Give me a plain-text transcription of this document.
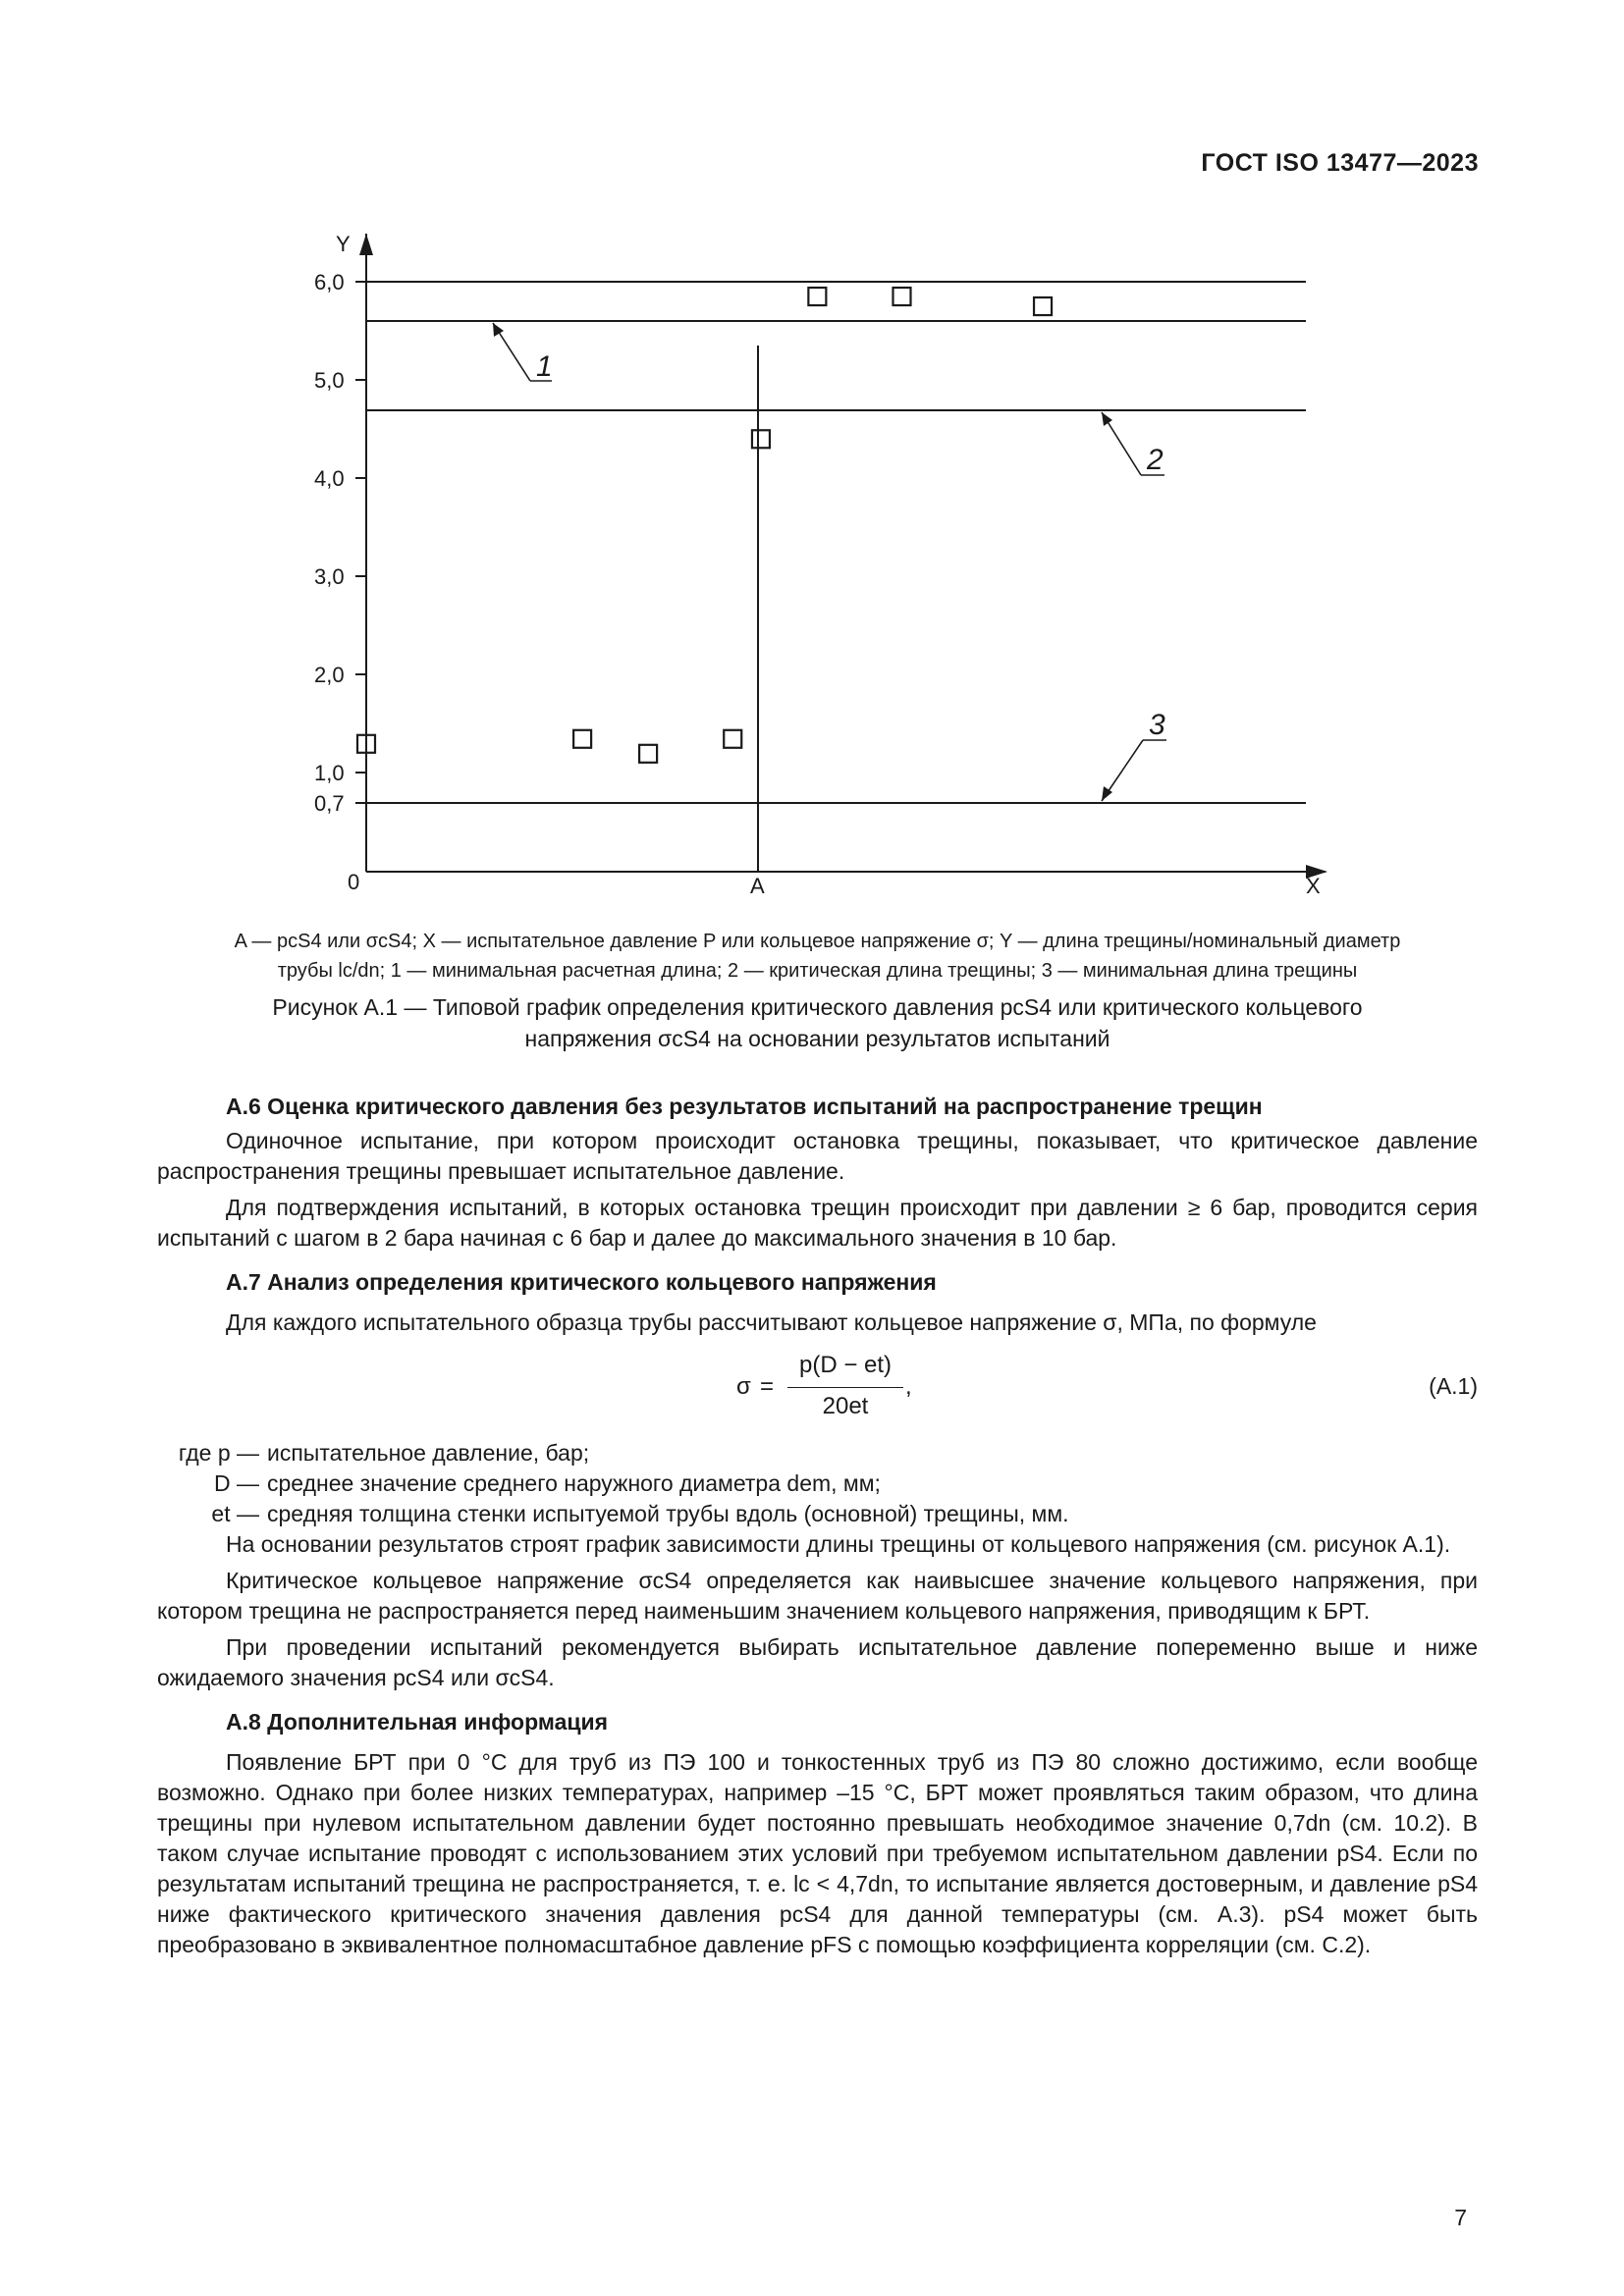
ГОСТ ISO 13477—2023
Y
X
0	A
6,0
5,0
4,0
3,0
2,0
1,0
0,7
1
2
3

A — pcS4 или σcS4; X — испытательное давление P или кольцевое напряжение σ; Y — длина трещины/номинальный диаметр

трубы lc/dn; 1 — минимальная расчетная длина; 2 — критическая длина трещины; 3 — минимальная длина трещины

Рисунок А.1 — Типовой график определения критического давления pcS4 или критического кольцевого

напряжения σcS4 на основании результатов испытаний

А.6 Оценка критического давления без результатов испытаний на распространение трещин

Одиночное испытание, при котором происходит остановка трещины, показывает, что критическое давление распространения трещины превышает испытательное давление.

Для подтверждения испытаний, в которых остановка трещин происходит при давлении ≥ 6 бар, проводится серия испытаний с шагом в 2 бара начиная с 6 бар и далее до максимального значения в 10 бар.

А.7 Анализ определения критического кольцевого напряжения

Для каждого испытательного образца трубы рассчитывают кольцевое напряжение σ, МПа, по формуле

σ =
p(D − et)
20et
,	(А.1)
где p — испытательное давление, бар;
D — среднее значение среднего наружного диаметра dem, мм;
et — средняя толщина стенки испытуемой трубы вдоль (основной) трещины, мм.

На основании результатов строят график зависимости длины трещины от кольцевого напряжения (см. рисунок А.1).

Критическое кольцевое напряжение σcS4 определяется как наивысшее значение кольцевого напряжения, при котором трещина не распространяется перед наименьшим значением кольцевого напряжения, приводящим к БРТ.

При проведении испытаний рекомендуется выбирать испытательное давление попеременно выше и ниже ожидаемого значения pcS4 или σcS4.

А.8 Дополнительная информация

Появление БРТ при 0 °С для труб из ПЭ 100 и тонкостенных труб из ПЭ 80 сложно достижимо, если вообще возможно. Однако при более низких температурах, например –15 °С, БРТ может проявляться таким образом, что длина трещины при нулевом испытательном давлении будет постоянно превышать необходимое значение 0,7dn (см. 10.2). В таком случае испытание проводят с использованием этих условий при требуемом испытательном давлении pS4. Если по результатам испытаний трещина не распространяется, т. е. lc < 4,7dn, то испытание является достоверным, и давление pS4 ниже фактического критического значения давления pcS4 для данной температуры (см. А.3). pS4 может быть преобразовано в эквивалентное полномасштабное давление pFS с помощью коэффициента корреляции (см. С.2).

7
